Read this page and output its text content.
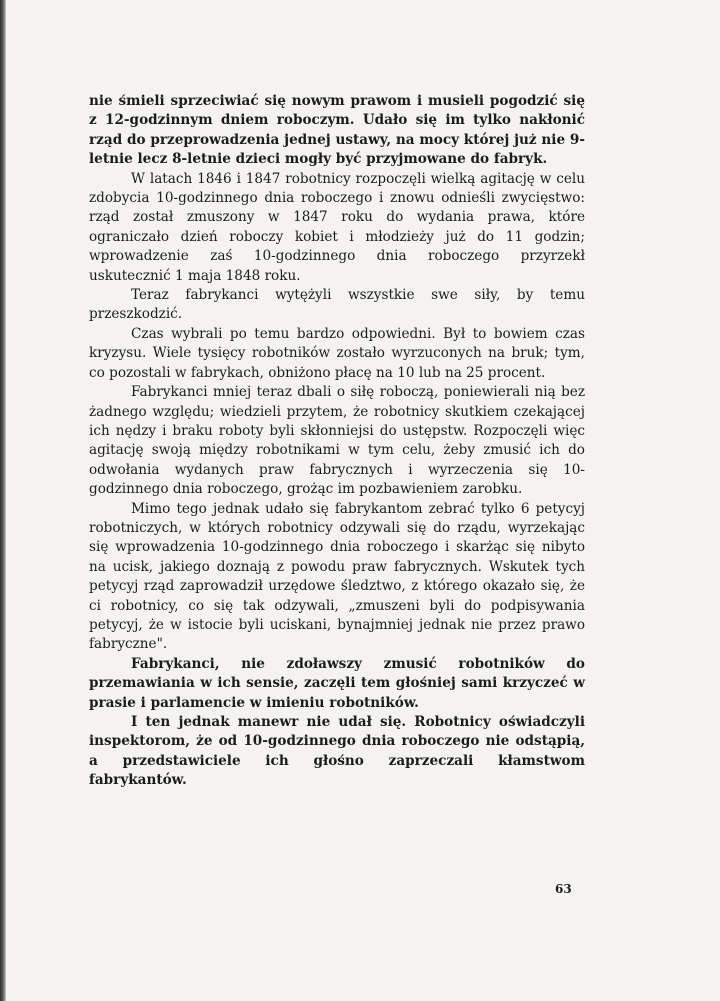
nie śmieli sprzeciwiać się nowym prawom i musieli pogodzić się z 12-godzinnym dniem roboczym. Udało się im tylko nakłonić rząd do przeprowadzenia jednej ustawy, na mocy której już nie 9-letnie lecz 8-letnie dzieci mogły być przyjmowane do fabryk.

W latach 1846 i 1847 robotnicy rozpoczęli wielką agitację w celu zdobycia 10-godzinnego dnia roboczego i znowu odnieśli zwycięstwo: rząd został zmuszony w 1847 roku do wydania prawa, które ograniczało dzień roboczy kobiet i młodzieży już do 11 godzin; wprowadzenie zaś 10-godzinnego dnia roboczego przyrzekł uskutecznić 1 maja 1848 roku.

Teraz fabrykanci wytężyli wszystkie swe siły, by temu przeszkodzić.

Czas wybrali po temu bardzo odpowiedni. Był to bowiem czas kryzysu. Wiele tysięcy robotników zostało wyrzuconych na bruk; tym, co pozostali w fabrykach, obniżono płacę na 10 lub na 25 procent.

Fabrykanci mniej teraz dbali o siłę roboczą, poniewierali nią bez żadnego względu; wiedzieli przytem, że robotnicy skutkiem czekającej ich nędzy i braku roboty byli skłonniejsi do ustępstw. Rozpoczęli więc agitację swoją między robotnikami w tym celu, żeby zmusić ich do odwołania wydanych praw fabrycznych i wyrzeczenia się 10-godzinnego dnia roboczego, grożąc im pozbawieniem zarobku.

Mimo tego jednak udało się fabrykantom zebrać tylko 6 petycyj robotniczych, w których robotnicy odzywali się do rządu, wyrzekając się wprowadzenia 10-godzinnego dnia roboczego i skarżąc się nibyto na ucisk, jakiego doznają z powodu praw fabrycznych. Wskutek tych petycyj rząd zaprowadził urzędowe śledztwo, z którego okazało się, że ci robotnicy, co się tak odzywali, „zmuszeni byli do podpisywania petycyj, że w istocie byli uciskani, bynajmniej jednak nie przez prawo fabryczne".

Fabrykanci, nie zdoławszy zmusić robotników do przemawiania w ich sensie, zaczęli tem głośniej sami krzyczeć w prasie i parlamencie w imieniu robotników.

I ten jednak manewr nie udał się. Robotnicy oświadczyli inspektorom, że od 10-godzinnego dnia roboczego nie odstąpią, a przedstawiciele ich głośno zaprzeczali kłamstwom fabrykantów.

63
